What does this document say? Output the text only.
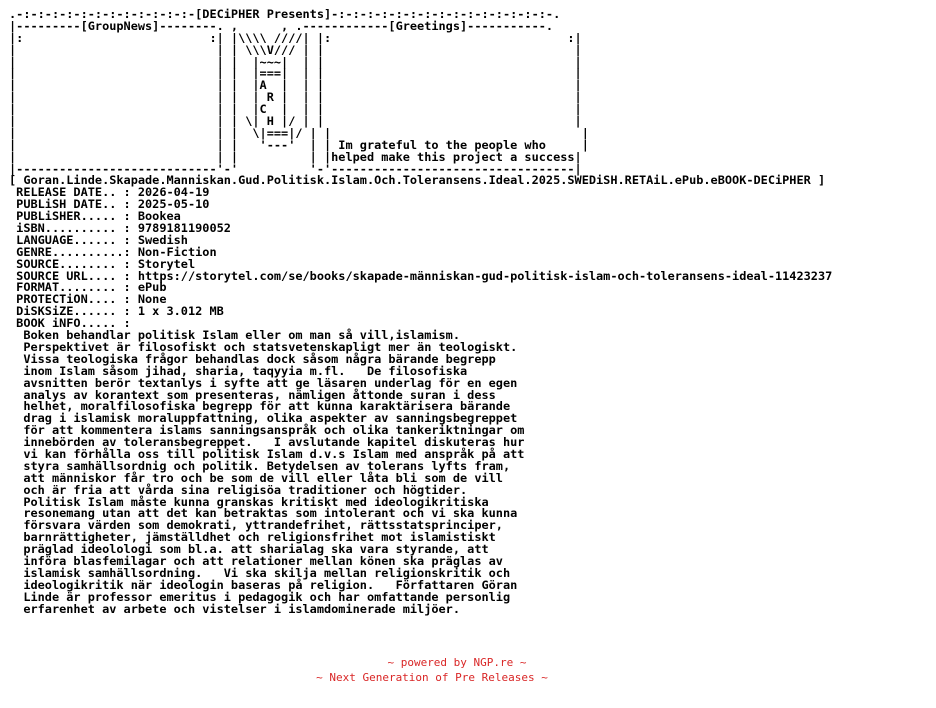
.-:-:-:-:-:-:-:-:-:-:-:-:-[DECiPHER Presents]-:-:-:-:-:-:-:-:-:-:-:-:-:-:-:-.
|---------[GroupNews]--------. ,      , .------------[Greetings]-----------.
|:                          :| |\\\\ ////| |:                                 :|
|                            | | \\\V/// | |                                   |
|                            | |  |~~~|  | |                                   |
|                            | |  |===|  | |                                   |
|                            | |  |A  |  | |                                   |
|                            | |  | R |  | |                                   |
|                            | |  |C  |  | |                                   |
|                            | | \| H |/ | |                                   |
|                            | |  \|===|/ | |                                   |
|                            | |   '---'  | | Im grateful to the people who     |
|                            | |          | |helped make this project a success|
|----------------------------'-'          '-'----------------------------------|
[ Goran.Linde.Skapade.Manniskan.Gud.Politisk.Islam.Och.Toleransens.Ideal.2025.SWEDiSH.RETAiL.ePub.eBOOK-DECiPHER ]
RELEASE DATE.. : 2026-04-19
PUBLiSH DATE.. : 2025-05-10
PUBLiSHER..... : Bookea
iSBN.......... : 9789181190052
LANGUAGE...... : Swedish
GENRE..........: Non-Fiction
SOURCE........ : Storytel
SOURCE URL.... : https://storytel.com/se/books/skapade-människan-gud-politisk-islam-och-toleransens-ideal-11423237
FORMAT........ : ePub
PROTECTiON.... : None
DiSKSiZE...... : 1 x 3.012 MB
BOOK iNFO..... :
Boken behandlar politisk Islam eller om man så vill,islamism.
Perspektivet är filosofiskt och statsvetenskapligt mer än teologiskt.
Vissa teologiska frågor behandlas dock såsom några bärande begrepp
inom Islam såsom jihad, sharia, taqyyia m.fl.   De filosofiska
avsnitten berör textanlys i syfte att ge läsaren underlag för en egen
analys av korantext som presenteras, nämligen åttonde suran i dess
helhet, moralfilosofiska begrepp för att kunna karaktärisera bärande
drag i islamisk moraluppfattning, olika aspekter av sanningsbegreppet
för att kommentera islams sanningsanspråk och olika tankeriktningar om
innebörden av toleransbegreppet.   I avslutande kapitel diskuteras hur
vi kan förhålla oss till politisk Islam d.v.s Islam med anspråk på att
styra samhällsordnig och politik. Betydelsen av tolerans lyfts fram,
att människor får tro och be som de vill eller låta bli som de vill
och är fria att vårda sina religisöa traditioner och högtider.
Politisk Islam måste kunna granskas kritiskt med ideologikritiska
resonemang utan att det kan betraktas som intolerant och vi ska kunna
försvara värden som demokrati, yttrandefrihet, rättsstatsprinciper,
barnrättigheter, jämställdhet och religionsfrihet mot islamistiskt
präglad ideolologi som bl.a. att sharialag ska vara styrande, att
införa blasfemilagar och att relationer mellan könen ska präglas av
islamisk samhällsordning.   Vi ska skilja mellan religionskritik och
ideologikritik när ideologin baseras på religion.   Författaren Göran
Linde är professor emeritus i pedagogik och har omfattande personlig
erfarenhet av arbete och vistelser i islamdominerade miljöer.
~ powered by NGP.re ~
~ Next Generation of Pre Releases ~
